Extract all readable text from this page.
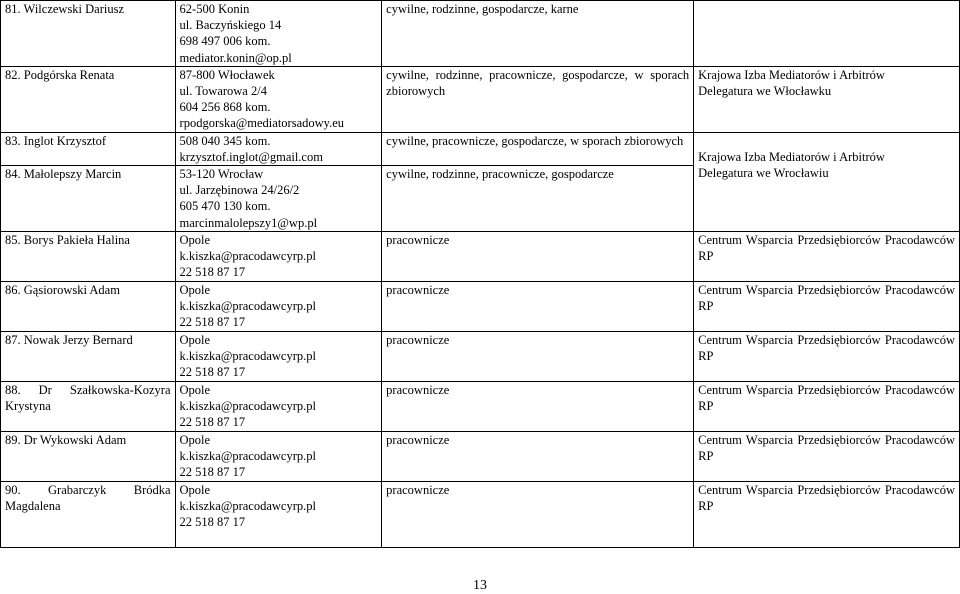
81. Wilczewski Dariusz	62-500 Konin
ul. Baczyńskiego 14
698 497 006 kom.
mediator.konin@op.pl	cywilne, rodzinne, gospodarcze, karne	

82. Podgórska Renata	87-800 Włocławek
ul. Towarowa 2/4
604 256 868 kom.
rpodgorska@mediatorsadowy.eu	cywilne, rodzinne, pracownicze, gospodarcze, w sporach zbiorowych	Krajowa Izba Mediatorów i Arbitrów Delegatura we Włocławku

83. Inglot Krzysztof	508 040 345 kom.
krzysztof.inglot@gmail.com	cywilne, pracownicze, gospodarcze, w sporach zbiorowych	Krajowa Izba Mediatorów i Arbitrów Delegatura we Wrocławiu

84. Małolepszy Marcin	53-120 Wrocław
ul. Jarzębinowa 24/26/2
605 470 130 kom.
marcinmalolepszy1@wp.pl	cywilne, rodzinne, pracownicze, gospodarcze	

85. Borys Pakieła Halina	Opole
k.kiszka@pracodawcyrp.pl
22 518 87 17	pracownicze	Centrum Wsparcia Przedsiębiorców Pracodawców RP

86. Gąsiorowski Adam	Opole
k.kiszka@pracodawcyrp.pl
22 518 87 17	pracownicze	Centrum Wsparcia Przedsiębiorców Pracodawców RP

87. Nowak Jerzy Bernard	Opole
k.kiszka@pracodawcyrp.pl
22 518 87 17	pracownicze	Centrum Wsparcia Przedsiębiorców Pracodawców RP

88. Dr Szałkowska-Kozyra Krystyna	Opole
k.kiszka@pracodawcyrp.pl
22 518 87 17	pracownicze	Centrum Wsparcia Przedsiębiorców Pracodawców RP

89. Dr Wykowski Adam	Opole
k.kiszka@pracodawcyrp.pl
22 518 87 17	pracownicze	Centrum Wsparcia Przedsiębiorców Pracodawców RP

90. Grabarczyk Bródka Magdalena	Opole
k.kiszka@pracodawcyrp.pl
22 518 87 17	pracownicze	Centrum Wsparcia Przedsiębiorców Pracodawców RP
13
